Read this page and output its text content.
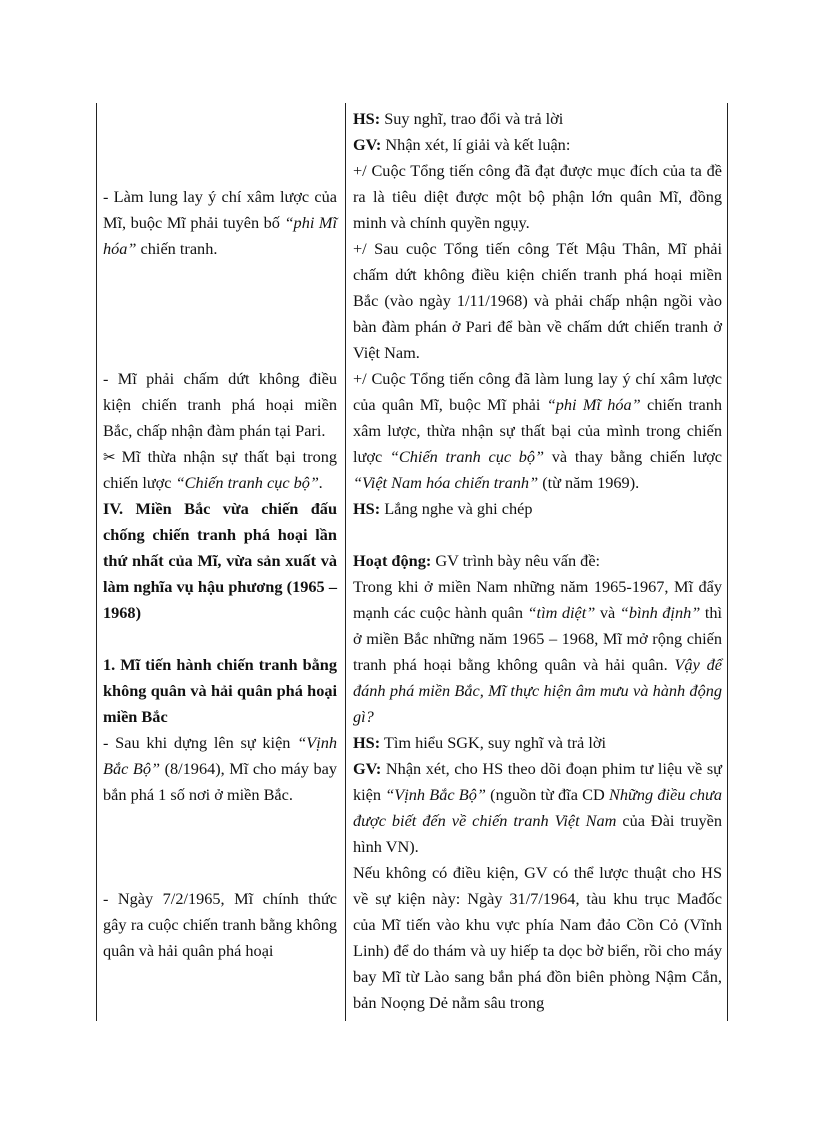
- Làm lung lay ý chí xâm lược của Mĩ, buộc Mĩ phải tuyên bố “phi Mĩ hóa” chiến tranh.

- Mĩ phải chấm dứt không điều kiện chiến tranh phá hoại miền Bắc, chấp nhận đàm phán tại Pari.

✂ Mĩ thừa nhận sự thất bại trong chiến lược “Chiến tranh cục bộ”.

IV. Miền Bắc vừa chiến đấu chống chiến tranh phá hoại lần thứ nhất của Mĩ, vừa sản xuất và làm nghĩa vụ hậu phương (1965 – 1968)

1. Mĩ tiến hành chiến tranh bằng không quân và hải quân phá hoại miền Bắc

- Sau khi dựng lên sự kiện “Vịnh Bắc Bộ” (8/1964), Mĩ cho máy bay bắn phá 1 số nơi ở miền Bắc.

- Ngày 7/2/1965, Mĩ chính thức gây ra cuộc chiến tranh bằng không quân và hải quân phá hoại

HS: Suy nghĩ, trao đổi và trả lời

GV: Nhận xét, lí giải và kết luận:

+/ Cuộc Tổng tiến công đã đạt được mục đích của ta đề ra là tiêu diệt được một bộ phận lớn quân Mĩ, đồng minh và chính quyền ngụy.

+/ Sau cuộc Tổng tiến công Tết Mậu Thân, Mĩ phải chấm dứt không điều kiện chiến tranh phá hoại miền Bắc (vào ngày 1/11/1968) và phải chấp nhận ngồi vào bàn đàm phán ở Pari để bàn về chấm dứt chiến tranh ở Việt Nam.

+/ Cuộc Tổng tiến công đã làm lung lay ý chí xâm lược của quân Mĩ, buộc Mĩ phải “phi Mĩ hóa” chiến tranh xâm lược, thừa nhận sự thất bại của mình trong chiến lược “Chiến tranh cục bộ” và thay bằng chiến lược “Việt Nam hóa chiến tranh” (từ năm 1969).

HS: Lắng nghe và ghi chép

Hoạt động: GV trình bày nêu vấn đề:

Trong khi ở miền Nam những năm 1965-1967, Mĩ đẩy mạnh các cuộc hành quân “tìm diệt” và “bình định” thì ở miền Bắc những năm 1965 – 1968, Mĩ mở rộng chiến tranh phá hoại bằng không quân và hải quân. Vậy để đánh phá miền Bắc, Mĩ thực hiện âm mưu và hành động gì?

HS: Tìm hiểu SGK, suy nghĩ và trả lời

GV: Nhận xét, cho HS theo dõi đoạn phim tư liệu về sự kiện “Vịnh Bắc Bộ” (nguồn từ đĩa CD Những điều chưa được biết đến về chiến tranh Việt Nam của Đài truyền hình VN).

Nếu không có điều kiện, GV có thể lược thuật cho HS về sự kiện này: Ngày 31/7/1964, tàu khu trục Mađốc của Mĩ tiến vào khu vực phía Nam đảo Cồn Cỏ (Vĩnh Linh) để do thám và uy hiếp ta dọc bờ biển, rồi cho máy bay Mĩ từ Lào sang bắn phá đồn biên phòng Nậm Cắn, bản Noọng Dẻ nằm sâu trong
